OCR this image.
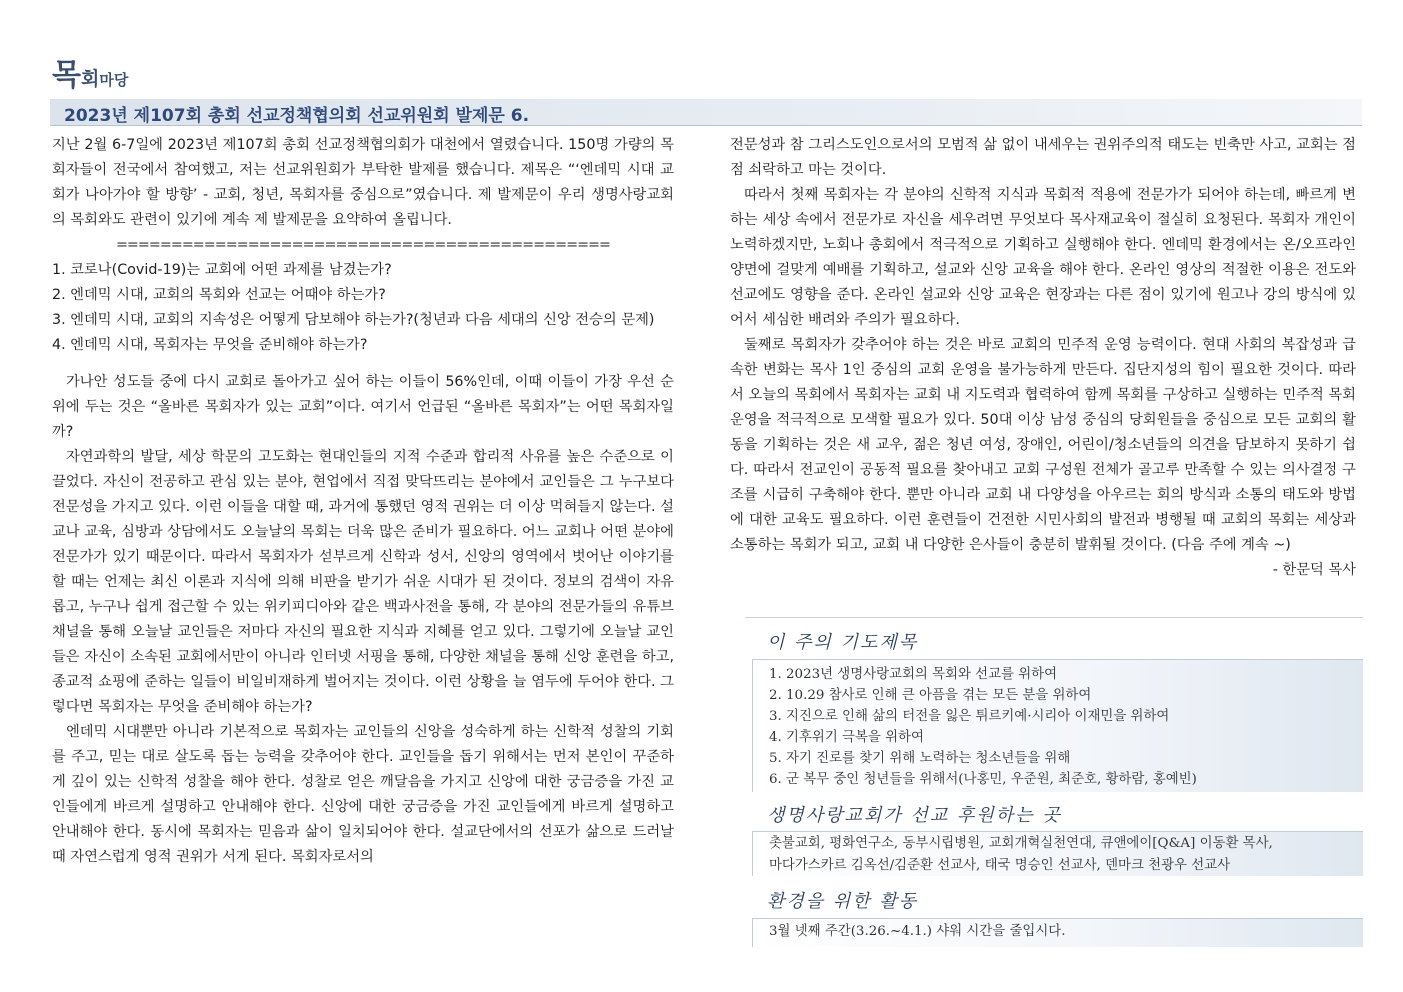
목회마당
2023년 제107회 총회 선교정책협의회 선교위원회 발제문 6.

지난 2월 6-7일에 2023년 제107회 총회 선교정책협의회가 대천에서 열렸습니다. 150명 가량의 목회자들이 전국에서 참여했고, 저는 선교위원회가 부탁한 발제를 했습니다. 제목은 “‘엔데믹 시대 교회가 나아가야 할 방향’ - 교회, 청년, 목회자를 중심으로”였습니다. 제 발제문이 우리 생명사랑교회의 목회와도 관련이 있기에 계속 제 발제문을 요약하여 올립니다.

=============================================
1. 코로나(Covid-19)는 교회에 어떤 과제를 남겼는가?
2. 엔데믹 시대, 교회의 목회와 선교는 어때야 하는가?
3. 엔데믹 시대, 교회의 지속성은 어떻게 담보해야 하는가?(청년과 다음 세대의 신앙 전승의 문제)
4. 엔데믹 시대, 목회자는 무엇을 준비해야 하는가?

가나안 성도들 중에 다시 교회로 돌아가고 싶어 하는 이들이 56%인데, 이때 이들이 가장 우선 순위에 두는 것은 “올바른 목회자가 있는 교회”이다. 여기서 언급된 “올바른 목회자”는 어떤 목회자일까?

자연과학의 발달, 세상 학문의 고도화는 현대인들의 지적 수준과 합리적 사유를 높은 수준으로 이끌었다. 자신이 전공하고 관심 있는 분야, 현업에서 직접 맞닥뜨리는 분야에서 교인들은 그 누구보다 전문성을 가지고 있다. 이런 이들을 대할 때, 과거에 통했던 영적 권위는 더 이상 먹혀들지 않는다. 설교나 교육, 심방과 상담에서도 오늘날의 목회는 더욱 많은 준비가 필요하다. 어느 교회나 어떤 분야에 전문가가 있기 때문이다. 따라서 목회자가 섣부르게 신학과 성서, 신앙의 영역에서 벗어난 이야기를 할 때는 언제는 최신 이론과 지식에 의해 비판을 받기가 쉬운 시대가 된 것이다. 정보의 검색이 자유롭고, 누구나 쉽게 접근할 수 있는 위키피디아와 같은 백과사전을 통해, 각 분야의 전문가들의 유튜브 채널을 통해 오늘날 교인들은 저마다 자신의 필요한 지식과 지혜를 얻고 있다. 그렇기에 오늘날 교인들은 자신이 소속된 교회에서만이 아니라 인터넷 서핑을 통해, 다양한 채널을 통해 신앙 훈련을 하고, 종교적 쇼핑에 준하는 일들이 비일비재하게 벌어지는 것이다. 이런 상황을 늘 염두에 두어야 한다. 그렇다면 목회자는 무엇을 준비해야 하는가?

엔데믹 시대뿐만 아니라 기본적으로 목회자는 교인들의 신앙을 성숙하게 하는 신학적 성찰의 기회를 주고, 믿는 대로 살도록 돕는 능력을 갖추어야 한다. 교인들을 돕기 위해서는 먼저 본인이 꾸준하게 깊이 있는 신학적 성찰을 해야 한다. 성찰로 얻은 깨달음을 가지고 신앙에 대한 궁금증을 가진 교인들에게 바르게 설명하고 안내해야 한다. 신앙에 대한 궁금증을 가진 교인들에게 바르게 설명하고 안내해야 한다. 동시에 목회자는 믿음과 삶이 일치되어야 한다. 설교단에서의 선포가 삶으로 드러날 때 자연스럽게 영적 권위가 서게 된다. 목회자로서의

전문성과 참 그리스도인으로서의 모범적 삶 없이 내세우는 권위주의적 태도는 빈축만 사고, 교회는 점점 쇠락하고 마는 것이다.

따라서 첫째 목회자는 각 분야의 신학적 지식과 목회적 적용에 전문가가 되어야 하는데, 빠르게 변하는 세상 속에서 전문가로 자신을 세우려면 무엇보다 목사재교육이 절실히 요청된다. 목회자 개인이 노력하겠지만, 노회나 총회에서 적극적으로 기획하고 실행해야 한다. 엔데믹 환경에서는 온/오프라인 양면에 걸맞게 예배를 기획하고, 설교와 신앙 교육을 해야 한다. 온라인 영상의 적절한 이용은 전도와 선교에도 영향을 준다. 온라인 설교와 신앙 교육은 현장과는 다른 점이 있기에 원고나 강의 방식에 있어서 세심한 배려와 주의가 필요하다.

둘째로 목회자가 갖추어야 하는 것은 바로 교회의 민주적 운영 능력이다. 현대 사회의 복잡성과 급속한 변화는 목사 1인 중심의 교회 운영을 불가능하게 만든다. 집단지성의 힘이 필요한 것이다. 따라서 오늘의 목회에서 목회자는 교회 내 지도력과 협력하여 함께 목회를 구상하고 실행하는 민주적 목회 운영을 적극적으로 모색할 필요가 있다. 50대 이상 남성 중심의 당회원들을 중심으로 모든 교회의 활동을 기획하는 것은 새 교우, 젊은 청년 여성, 장애인, 어린이/청소년들의 의견을 담보하지 못하기 쉽다. 따라서 전교인이 공동적 필요를 찾아내고 교회 구성원 전체가 골고루 만족할 수 있는 의사결정 구조를 시급히 구축해야 한다. 뿐만 아니라 교회 내 다양성을 아우르는 회의 방식과 소통의 태도와 방법에 대한 교육도 필요하다. 이런 훈련들이 건전한 시민사회의 발전과 병행될 때 교회의 목회는 세상과 소통하는 목회가 되고, 교회 내 다양한 은사들이 충분히 발휘될 것이다. (다음 주에 계속 ~)

- 한문덕 목사
이 주의 기도제목
1. 2023년 생명사랑교회의 목회와 선교를 위하여
2. 10.29 참사로 인해 큰 아픔을 겪는 모든 분을 위하여
3. 지진으로 인해 삶의 터전을 잃은 튀르키예·시리아 이재민을 위하여
4. 기후위기 극복을 위하여
5. 자기 진로를 찾기 위해 노력하는 청소년들을 위해
6. 군 복무 중인 청년들을 위해서(나홍민, 우준원, 최준호, 황하람, 홍예빈)
생명사랑교회가 선교 후원하는 곳
촛불교회, 평화연구소, 동부시립병원, 교회개혁실천연대, 큐앤에이[Q&A] 이동환 목사,
마다가스카르 김옥선/김준환 선교사, 태국 명승인 선교사, 덴마크 천광우 선교사
환경을 위한 활동
3월 넷째 주간(3.26.~4.1.) 샤워 시간을 줄입시다.
